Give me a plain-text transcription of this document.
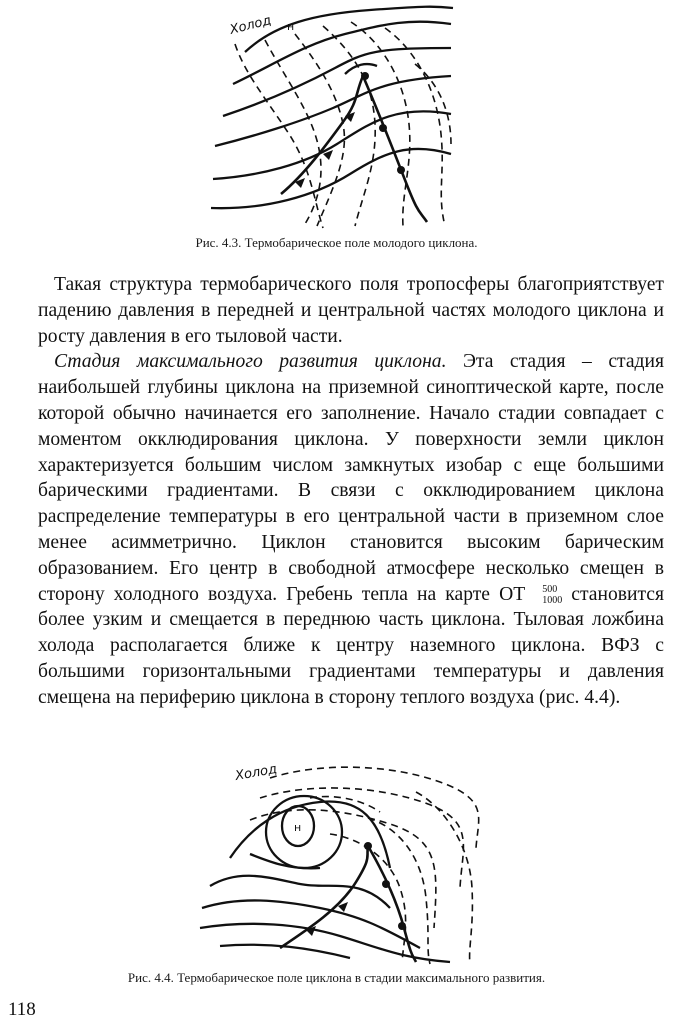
Холод н
Рис. 4.3. Термобарическое поле молодого циклона.

Такая структура термобарического поля тропосферы благоприятствует падению давления в передней и центральной частях молодого циклона и росту давления в его тыловой части.

Стадия максимального развития циклона. Эта стадия – стадия наибольшей глубины циклона на приземной синоптической карте, после которой обычно начинается его заполнение. Начало стадии совпадает с моментом окклюдирования циклона. У поверхности земли циклон характеризуется большим числом замкнутых изобар с еще большими барическими градиентами. В связи с окклюдированием циклона распределение температуры в его центральной части в приземном слое менее асимметрично. Циклон становится высоким барическим образованием. Его центр в свободной атмосфере несколько смещен в сторону холодного воздуха. Гребень тепла на карте ОТ	500
1000 становится более узким и смещается в переднюю часть циклона. Тыловая ложбина холода располагается ближе к центру наземного циклона. ВФЗ с большими горизонтальными градиентами температуры и давления смещена на периферию циклона в сторону теплого воздуха (рис. 4.4).

Холод
н
Рис. 4.4. Термобарическое поле циклона в стадии максимального развития.
118
